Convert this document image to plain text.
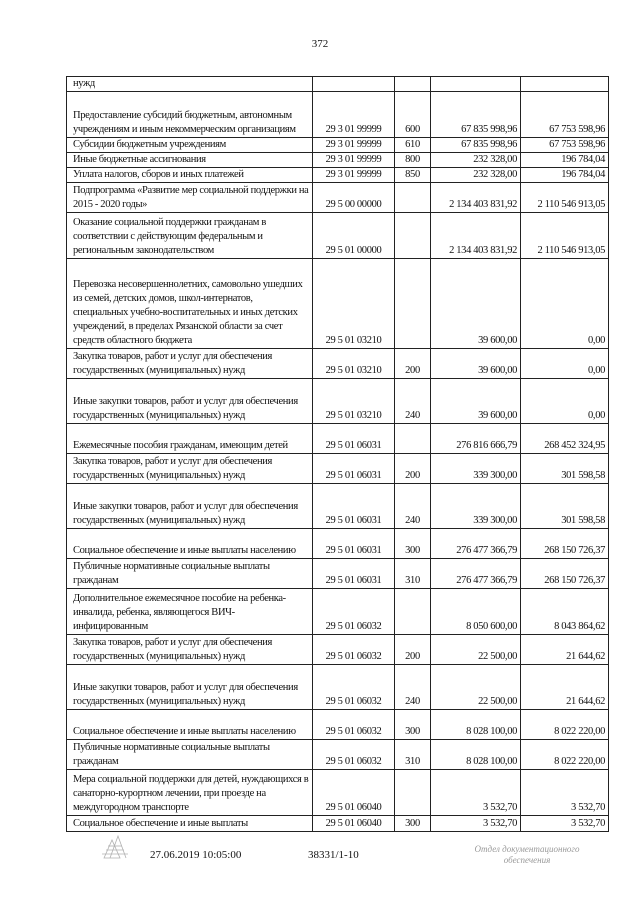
372
нужд				
Предоставление субсидий бюджетным, автономным учреждениям и иным некоммерческим организациям	29 3 01 99999	600	67 835 998,96	67 753 598,96
Субсидии бюджетным учреждениям	29 3 01 99999	610	67 835 998,96	67 753 598,96
Иные бюджетные ассигнования	29 3 01 99999	800	232 328,00	196 784,04
Уплата налогов, сборов и иных платежей	29 3 01 99999	850	232 328,00	196 784,04
Подпрограмма «Развитие мер социальной поддержки на 2015 - 2020 годы»	29 5 00 00000		2 134 403 831,92	2 110 546 913,05
Оказание социальной поддержки гражданам в соответствии с действующим федеральным и региональным законодательством	29 5 01 00000		2 134 403 831,92	2 110 546 913,05
Перевозка несовершеннолетних, самовольно ушедших из семей, детских домов, школ-интернатов, специальных учебно-воспитательных и иных детских учреждений, в пределах Рязанской области за счет средств областного бюджета	29 5 01 03210		39 600,00	0,00
Закупка товаров, работ и услуг для обеспечения государственных (муниципальных) нужд	29 5 01 03210	200	39 600,00	0,00
Иные закупки товаров, работ и услуг для обеспечения государственных (муниципальных) нужд	29 5 01 03210	240	39 600,00	0,00
Ежемесячные пособия гражданам, имеющим детей	29 5 01 06031		276 816 666,79	268 452 324,95
Закупка товаров, работ и услуг для обеспечения государственных (муниципальных) нужд	29 5 01 06031	200	339 300,00	301 598,58
Иные закупки товаров, работ и услуг для обеспечения государственных (муниципальных) нужд	29 5 01 06031	240	339 300,00	301 598,58
Социальное обеспечение и иные выплаты населению	29 5 01 06031	300	276 477 366,79	268 150 726,37
Публичные нормативные социальные выплаты гражданам	29 5 01 06031	310	276 477 366,79	268 150 726,37
Дополнительное ежемесячное пособие на ребенка-инвалида, ребенка, являющегося ВИЧ-инфицированным	29 5 01 06032		8 050 600,00	8 043 864,62
Закупка товаров, работ и услуг для обеспечения государственных (муниципальных) нужд	29 5 01 06032	200	22 500,00	21 644,62
Иные закупки товаров, работ и услуг для обеспечения государственных (муниципальных) нужд	29 5 01 06032	240	22 500,00	21 644,62
Социальное обеспечение и иные выплаты населению	29 5 01 06032	300	8 028 100,00	8 022 220,00
Публичные нормативные социальные выплаты гражданам	29 5 01 06032	310	8 028 100,00	8 022 220,00
Мера социальной поддержки для детей, нуждающихся в санаторно-курортном лечении, при проезде на междугородном транспорте	29 5 01 06040		3 532,70	3 532,70
Социальное обеспечение и иные выплаты	29 5 01 06040	300	3 532,70	3 532,70
27.06.2019 10:05:00	38331/1-10	Отдел документационного обеспечения
